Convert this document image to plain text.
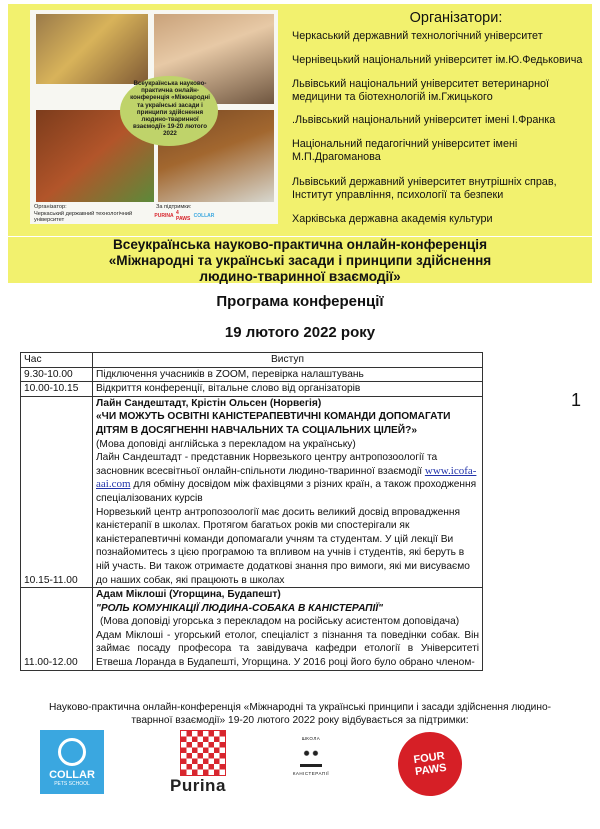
Всеукраїнська науково-практична онлайн-конференція «Міжнародні та українські засади і принципи здійснення людино-тваринної взаємодії» 19-20 лютого 2022
Організатор:
Черкаський державний технологічний університет
За підтримки:
PURINA 4 PAWS COLLAR
Організатори:
Черкаський державний технологічний університет
Чернівецький національний університет ім.Ю.Федьковича
Львівський національний університет ветеринарної медицини та біотехнологій ім.Гжицького
.Львівський національний університет імені І.Франка
Національний педагогічний університет імені М.П.Драгоманова
Львівський державний університет внутрішніх справ, Інститут управління, психології та безпеки
Харківська державна академія культури
Всеукраїнська науково-практична онлайн-конференція
«Міжнародні та українські засади і принципи здійснення
людино-тваринної взаємодії»
Програма конференції
19 лютого 2022 року
1
Час	Виступ
9.30-10.00	Підключення учасників в ZOOM, перевірка налаштувань
10.00-10.15	Відкриття конференції, вітальне слово від організаторів
10.15-11.00	Лайн Сандештадт, Крістін Ольсен (Норвегія)

«ЧИ МОЖУТЬ ОСВІТНІ КАНІСТЕРАПЕВТИЧНІ КОМАНДИ ДОПОМАГАТИ ДІТЯМ В ДОСЯГНЕННІ НАВЧАЛЬНИХ ТА СОЦІАЛЬНИХ ЦІЛЕЙ?»

(Мова доповіді англійська з перекладом на українську)

Лайн Сандештадт - представник Норвезького центру антропозоології та засновник всесвітньої онлайн-спільноти людино-тваринної взаємодії www.icofa-aai.com для обміну досвідом між фахівцями з різних країн, а також проходження спеціалізованих курсів

Норвезький центр антропозоології має досить великий досвід впровадження канієтерапії в школах. Протягом багатьох років ми спостерігали як канієтерапевтичні команди допомагали учням та студентам. У цій лекції Ви познайомитесь з цією програмою та впливом на учнів і студентів, які беруть в ній участь. Ви також отримаєте додаткові знання про вимоги, які ми висуваємо до наших собак, які працюють в школах

11.00-12.00	Адам Міклоші (Угорщина, Будапешт)

"РОЛЬ КОМУНІКАЦІЇ ЛЮДИНА-СОБАКА В КАНІСТЕРАПІЇ"

(Мова доповіді угорська з перекладом на російську асистентом доповідача)

Адам Міклоші - угорський етолог, спеціаліст з пізнання та поведінки собак. Він займає посаду професора та завідувача кафедри етології в Університеті Етвеша Лоранда в Будапешті, Угорщина. У 2016 році його було обрано членом-

Науково-практична онлайн-конференція «Міжнародні та українські принципи і засади здійснення людино-
тварнної взаємодії» 19-20 лютого 2022 року відбувається за підтримки:
COLLAR
PETS SCHOOL	Purina
ШКОЛА
КАНІСТЕРАПІЇ
FOUR
PAWS
